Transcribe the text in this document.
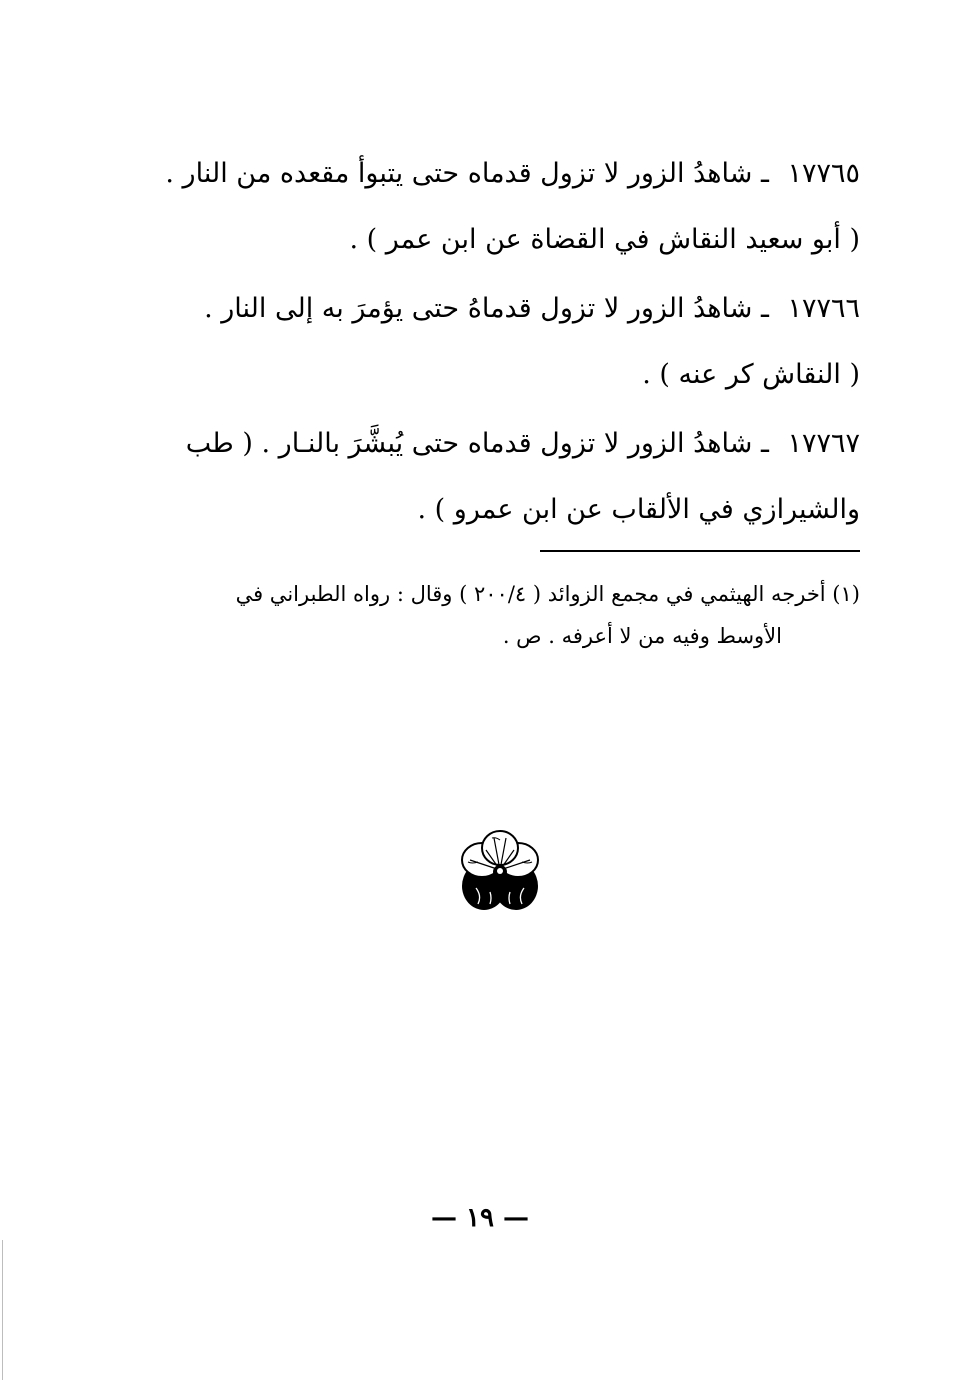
١٧٧٦٥ ـ شاهدُ الزور لا تزول قدماه حتى يتبوأ مقعده من النار .

( أبو سعيد النقاش في القضاة عن ابن عمر ) .

١٧٧٦٦ ـ شاهدُ الزور لا تزول قدماهُ حتى يؤمرَ به إلى النار .

( النقاش كر عنه ) .

١٧٧٦٧ ـ شاهدُ الزور لا تزول قدماه حتى يُبشَّرَ بالنـار . ( طب

والشيرازي في الألقاب عن ابن عمرو ) .

(١) أخرجه الهيثمي في مجمع الزوائد ( ٢٠٠/٤ ) وقال : رواه الطبراني في

الأوسط وفيه من لا أعرفه . ص .

— ١٩ —
